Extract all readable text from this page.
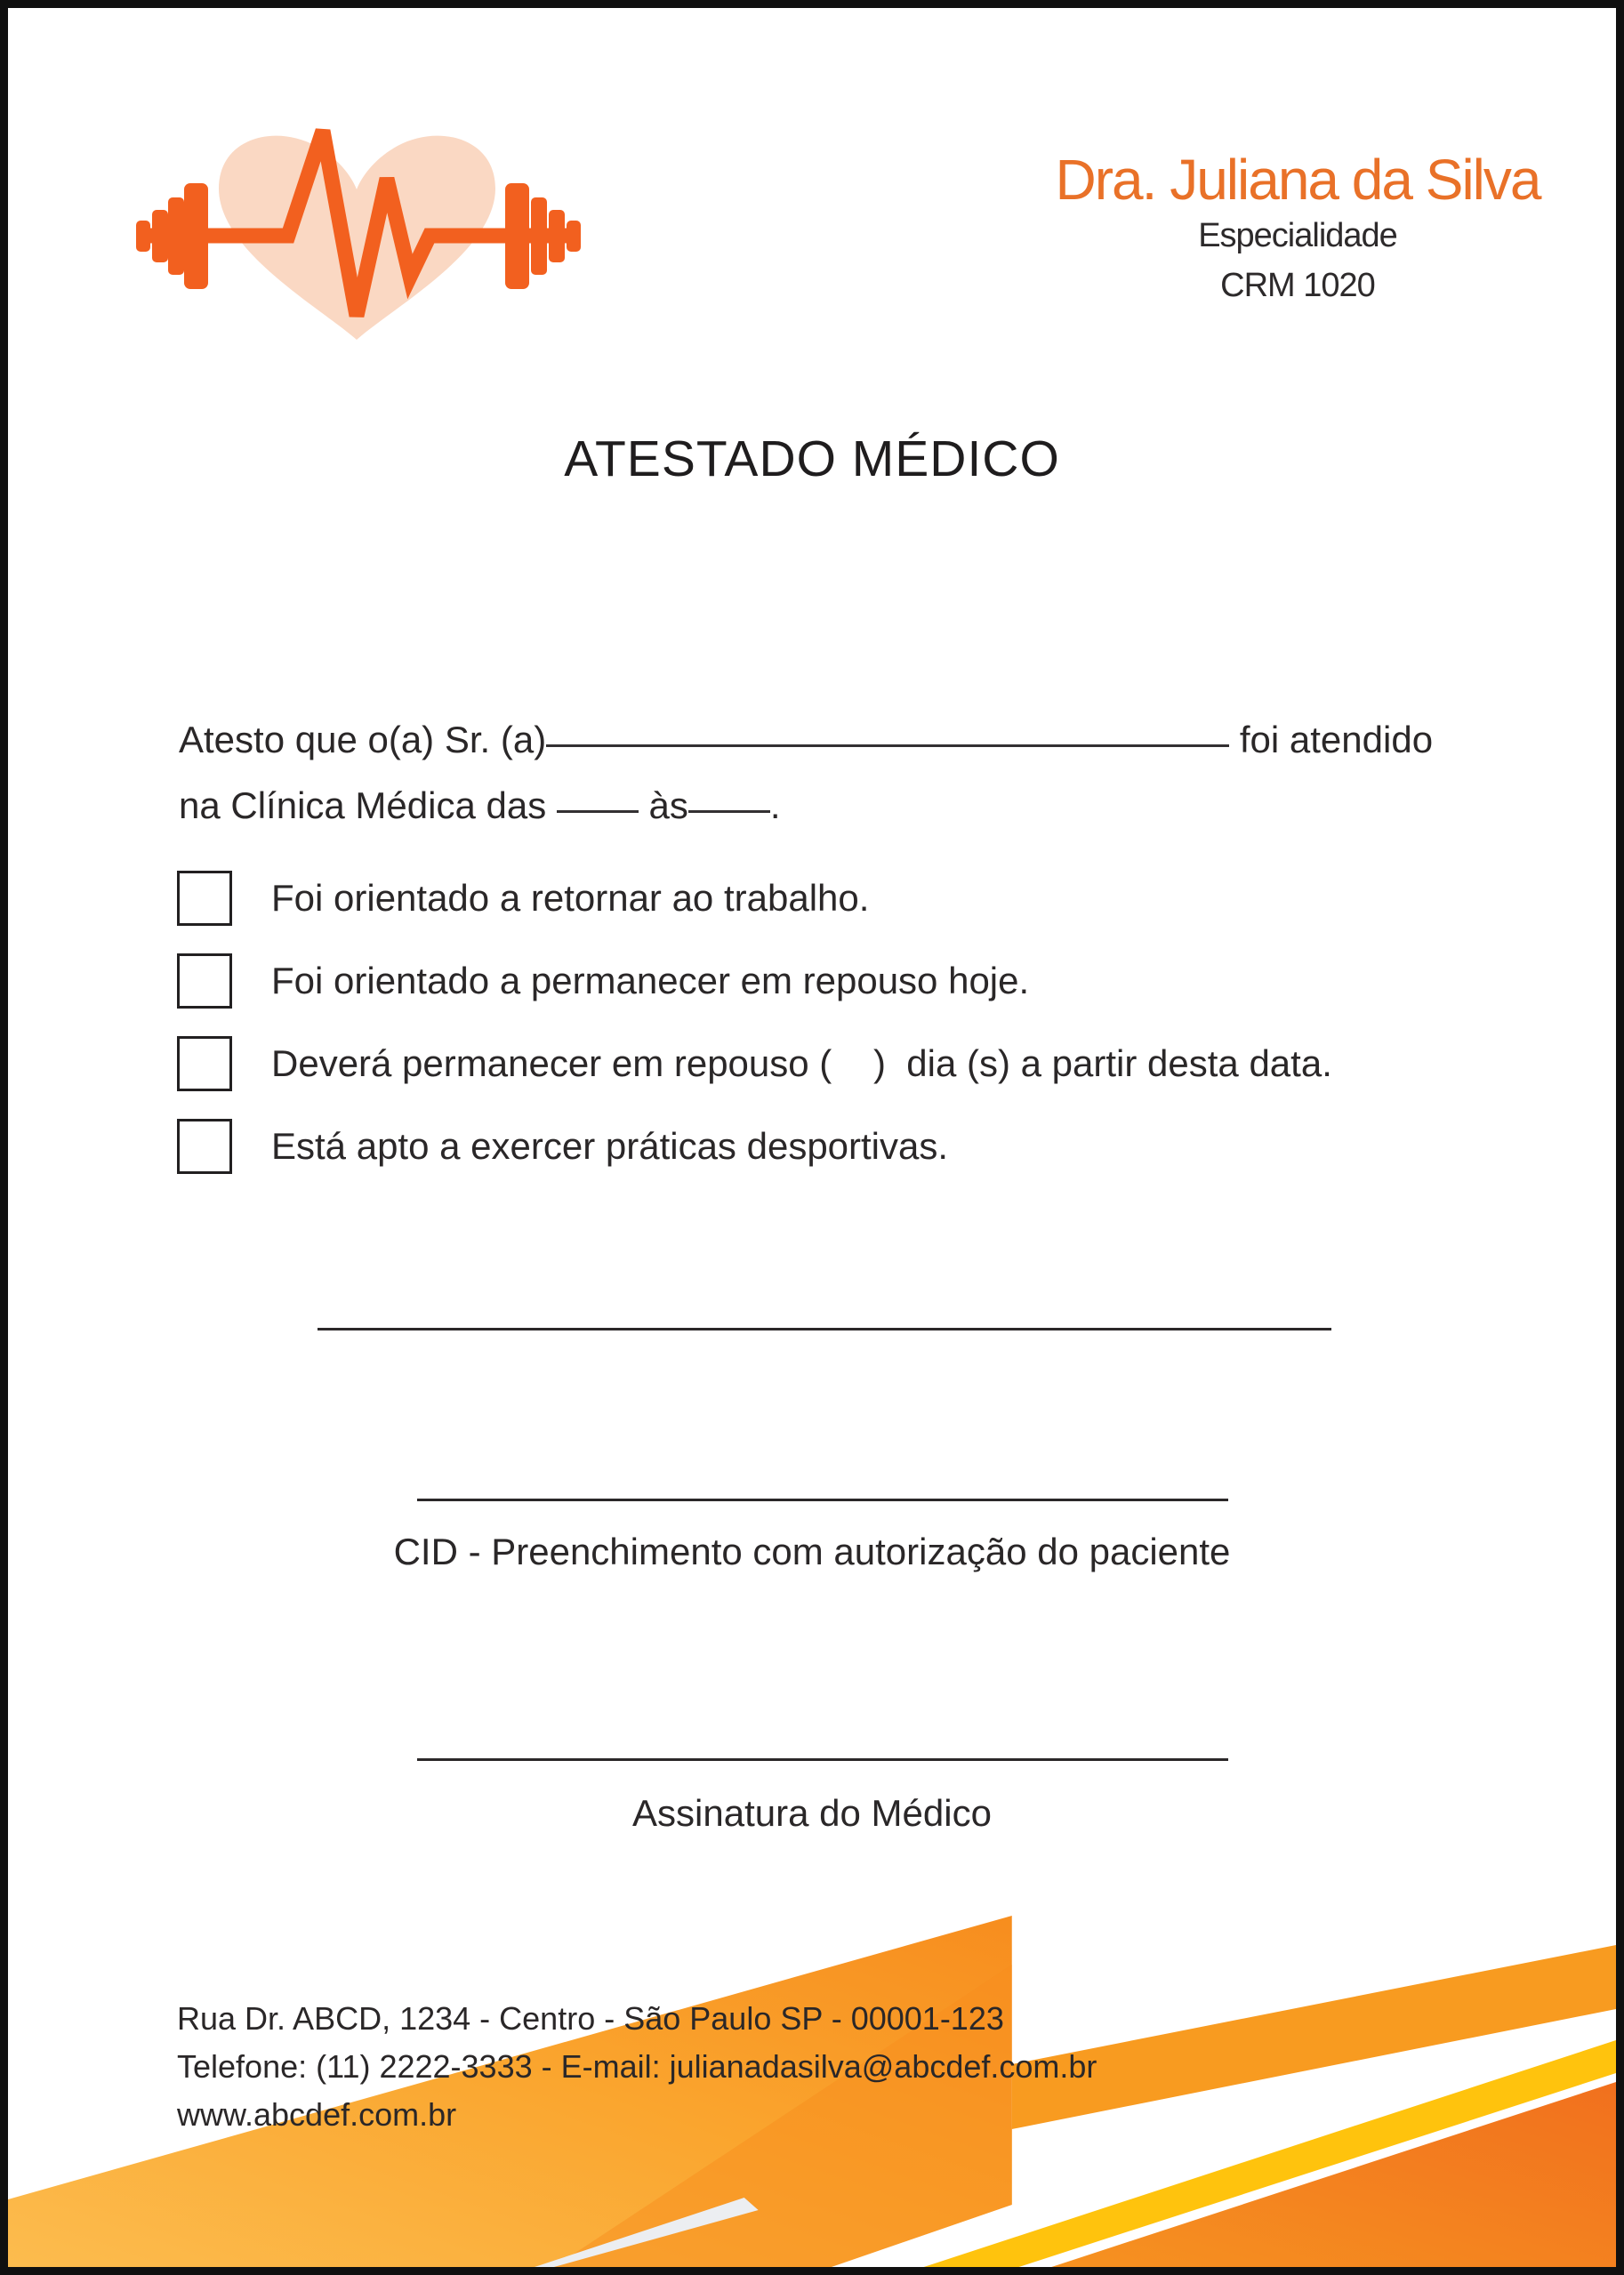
Dra. Juliana da Silva
Especialidade
CRM 1020
ATESTADO MÉDICO
Atesto que o(a) Sr. (a)	foi atendido
na Clínica Médica das  às .
Foi orientado a retornar ao trabalho.
Foi orientado a permanecer em repouso hoje.
Deverá permanecer em repouso (    )  dia (s) a partir desta data.
Está apto a exercer práticas desportivas.
CID - Preenchimento com autorização do paciente
Assinatura do Médico
Rua Dr. ABCD, 1234 - Centro - São Paulo SP - 00001-123
Telefone: (11) 2222-3333 - E-mail: julianadasilva@abcdef.com.br
www.abcdef.com.br
